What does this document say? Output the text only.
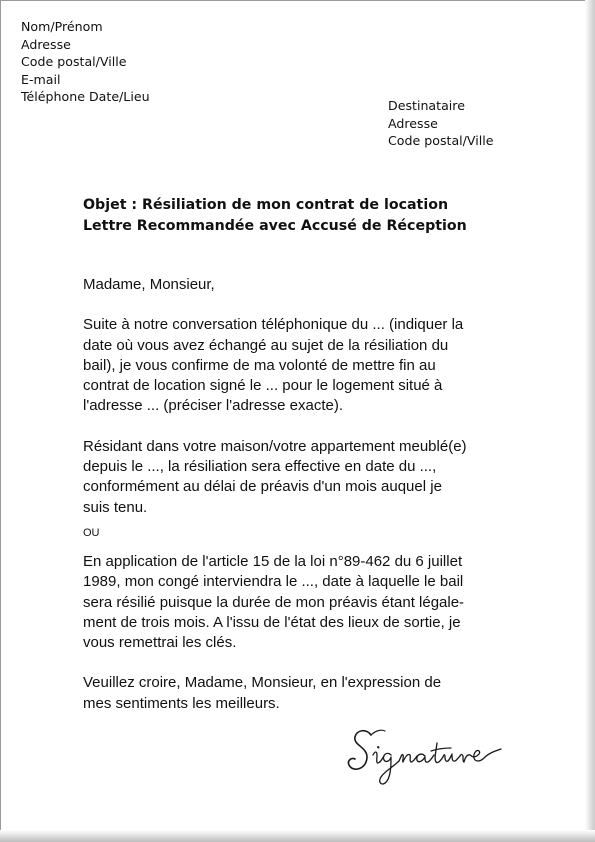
Nom/Prénom
Adresse
Code postal/Ville
E-mail
Téléphone Date/Lieu
Destinataire
Adresse
Code postal/Ville
Objet : Résiliation de mon contrat de location
Lettre Recommandée avec Accusé de Réception

Madame, Monsieur,

Suite à notre conversation téléphonique du ... (indiquer la

date où vous avez échangé au sujet de la résiliation du

bail), je vous confirme de ma volonté de mettre fin au

contrat de location signé le ... pour le logement situé à

l'adresse ... (préciser l'adresse exacte).

Résidant dans votre maison/votre appartement meublé(e)

depuis le ..., la résiliation sera effective en date du ...,

conformément au délai de préavis d'un mois auquel je

suis tenu.

OU

En application de l'article 15 de la loi n°89-462 du 6 juillet

1989, mon congé interviendra le ..., date à laquelle le bail

sera résilié puisque la durée de mon préavis étant légale-

ment de trois mois. A l'issu de l'état des lieux de sortie, je

vous remettrai les clés.

Veuillez croire, Madame, Monsieur, en l'expression de

mes sentiments les meilleurs.
